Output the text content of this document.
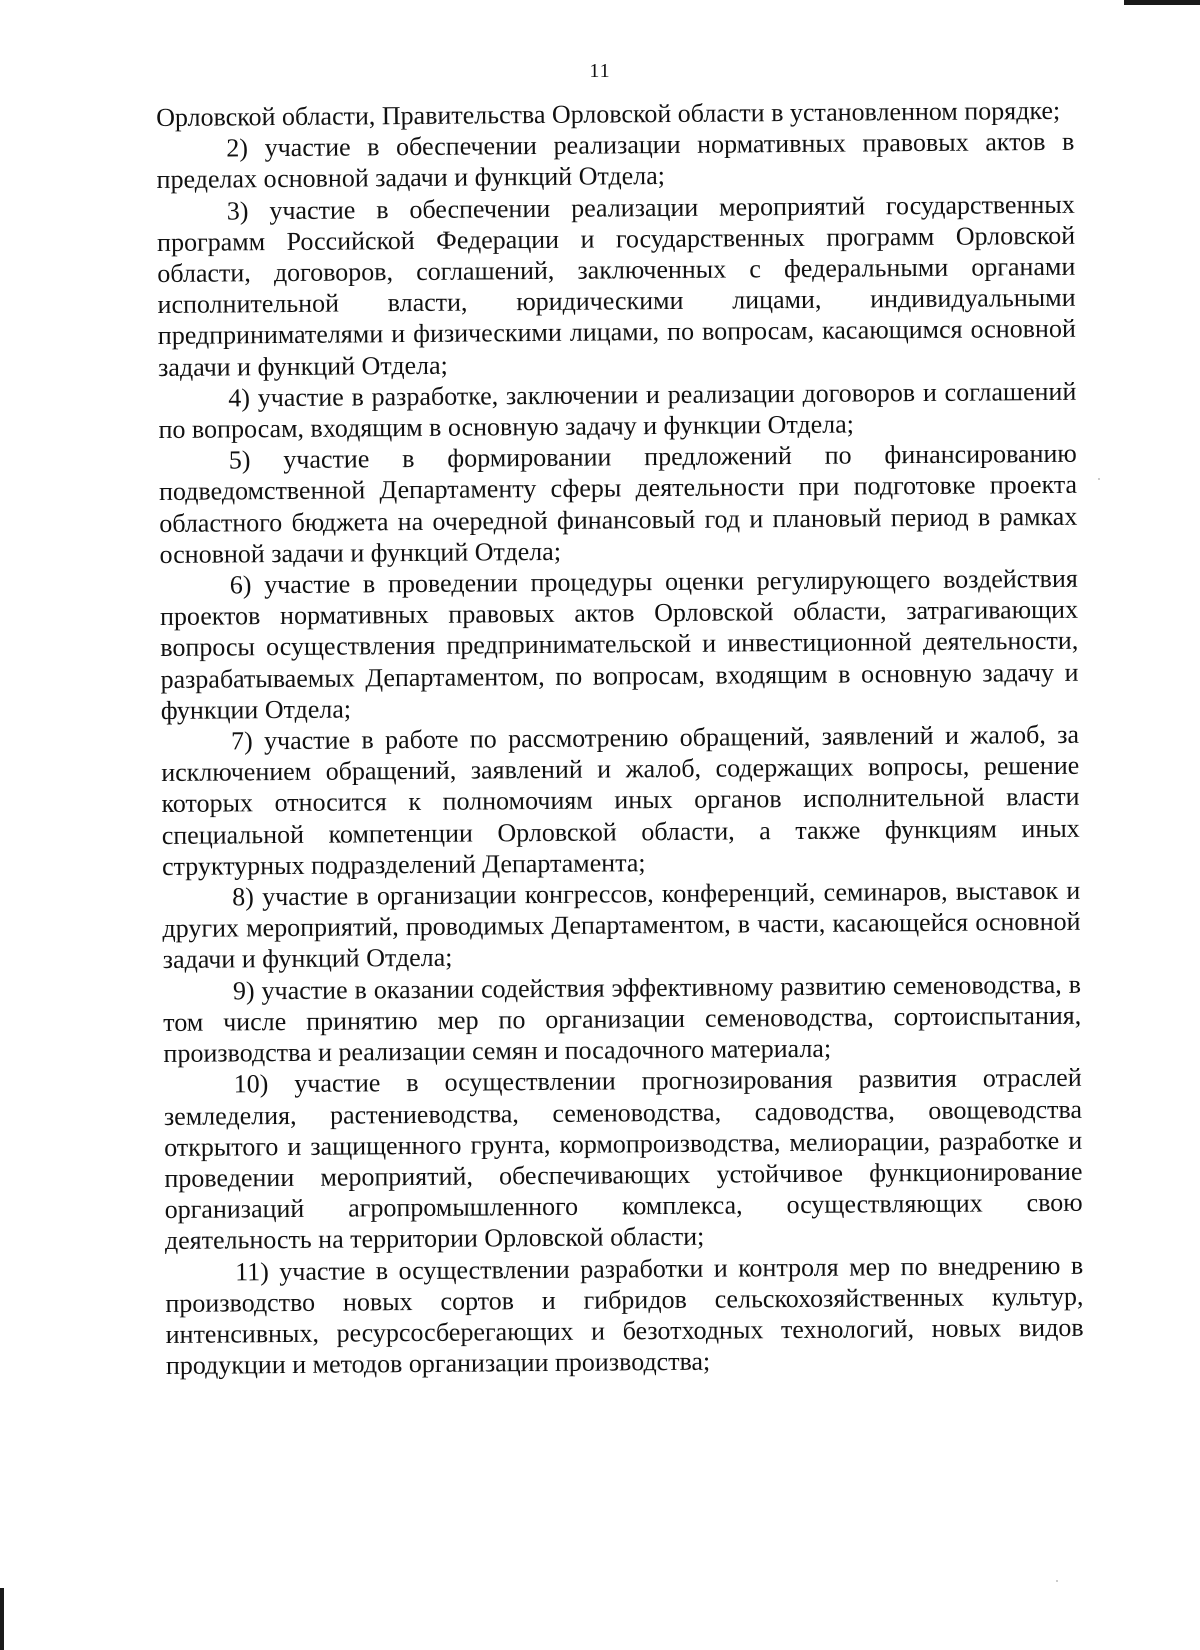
11

Орловской области, Правительства Орловской области в установленном порядке;

2) участие в обеспечении реализации нормативных правовых актов в пределах основной задачи и функций Отдела;

3) участие в обеспечении реализации мероприятий государственных программ Российской Федерации и государственных программ Орловской области, договоров, соглашений, заключенных с федеральными органами исполнительной власти, юридическими лицами, индивидуальными предпринимателями и физическими лицами, по вопросам, касающимся основной задачи и функций Отдела;

4) участие в разработке, заключении и реализации договоров и соглашений по вопросам, входящим в основную задачу и функции Отдела;

5) участие в формировании предложений по финансированию подведомственной Департаменту сферы деятельности при подготовке проекта областного бюджета на очередной финансовый год и плановый период в рамках основной задачи и функций Отдела;

6) участие в проведении процедуры оценки регулирующего воздействия проектов нормативных правовых актов Орловской области, затрагивающих вопросы осуществления предпринимательской и инвестиционной деятельности, разрабатываемых Департаментом, по вопросам, входящим в основную задачу и функции Отдела;

7) участие в работе по рассмотрению обращений, заявлений и жалоб, за исключением обращений, заявлений и жалоб, содержащих вопросы, решение которых относится к полномочиям иных органов исполнительной власти специальной компетенции Орловской области, а также функциям иных структурных подразделений Департамента;

8) участие в организации конгрессов, конференций, семинаров, выставок и других мероприятий, проводимых Департаментом, в части, касающейся основной задачи и функций Отдела;

9) участие в оказании содействия эффективному развитию семеноводства, в том числе принятию мер по организации семеноводства, сортоиспытания, производства и реализации семян и посадочного материала;

10) участие в осуществлении прогнозирования развития отраслей земледелия, растениеводства, семеноводства, садоводства, овощеводства открытого и защищенного грунта, кормопроизводства, мелиорации, разработке и проведении мероприятий, обеспечивающих устойчивое функционирование организаций агропромышленного комплекса, осуществляющих свою деятельность на территории Орловской области;

11) участие в осуществлении разработки и контроля мер по внедрению в производство новых сортов и гибридов сельскохозяйственных культур, интенсивных, ресурсосберегающих и безотходных технологий, новых видов продукции и методов организации производства;
